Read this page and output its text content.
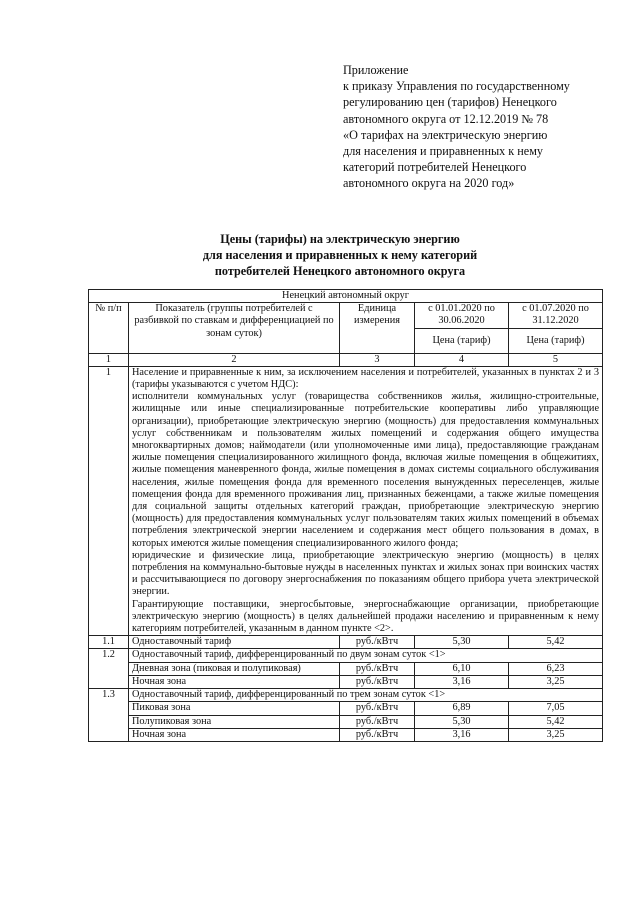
Приложение
к приказу Управления по государственному
регулированию цен (тарифов) Ненецкого
автономного округа от 12.12.2019 № 78
«О тарифах на электрическую энергию
для населения и приравненных к нему
категорий потребителей Ненецкого
автономного округа на 2020 год»
Цены (тарифы) на электрическую энергию
для населения и приравненных к нему категорий
потребителей Ненецкого автономного округа
Ненецкий автономный округ				
№ п/п	Показатель (группы потребителей с разбивкой по ставкам и дифференциацией по зонам суток)	Единица измерения	с 01.01.2020 по 30.06.2020	с 01.07.2020 по 31.12.2020
			Цена (тариф)	Цена (тариф)
1	2	3	4	5
1	Население и приравненные к ним, за исключением населения и потребителей, указанных в пунктах 2 и 3 (тарифы указываются с учетом НДС):

исполнители коммунальных услуг (товарищества собственников жилья, жилищно-строительные, жилищные или иные специализированные потребительские кооперативы либо управляющие организации), приобретающие электрическую энергию (мощность) для предоставления коммунальных услуг собственникам и пользователям жилых помещений и содержания общего имущества многоквартирных домов; наймодатели (или уполномоченные ими лица), предоставляющие гражданам жилые помещения специализированного жилищного фонда, включая жилые помещения в общежитиях, жилые помещения маневренного фонда, жилые помещения в домах системы социального обслуживания населения, жилые помещения фонда для временного поселения вынужденных переселенцев, жилые помещения фонда для временного проживания лиц, признанных беженцами, а также жилые помещения для социальной защиты отдельных категорий граждан, приобретающие электрическую энергию (мощность) для предоставления коммунальных услуг пользователям таких жилых помещений в объемах потребления электрической энергии населением и содержания мест общего пользования в домах, в которых имеются жилые помещения специализированного жилого фонда;

юридические и физические лица, приобретающие электрическую энергию (мощность) в целях потребления на коммунально-бытовые нужды в населенных пунктах и жилых зонах при воинских частях и рассчитывающиеся по договору энергоснабжения по показаниям общего прибора учета электрической энергии.

Гарантирующие поставщики, энергосбытовые, энергоснабжающие организации, приобретающие электрическую энергию (мощность) в целях дальнейшей продажи населению и приравненным к нему категориям потребителей, указанным в данном пункте <2>.			

1.1	Одноставочный тариф	руб./кВтч	5,30	5,42
1.2	Одноставочный тариф, дифференцированный по двум зонам суток <1>			
	Дневная зона (пиковая и полупиковая)	руб./кВтч	6,10	6,23
	Ночная зона	руб./кВтч	3,16	3,25
1.3	Одноставочный тариф, дифференцированный по трем зонам суток <1>			
	Пиковая зона	руб./кВтч	6,89	7,05
	Полупиковая зона	руб./кВтч	5,30	5,42
	Ночная зона	руб./кВтч	3,16	3,25
